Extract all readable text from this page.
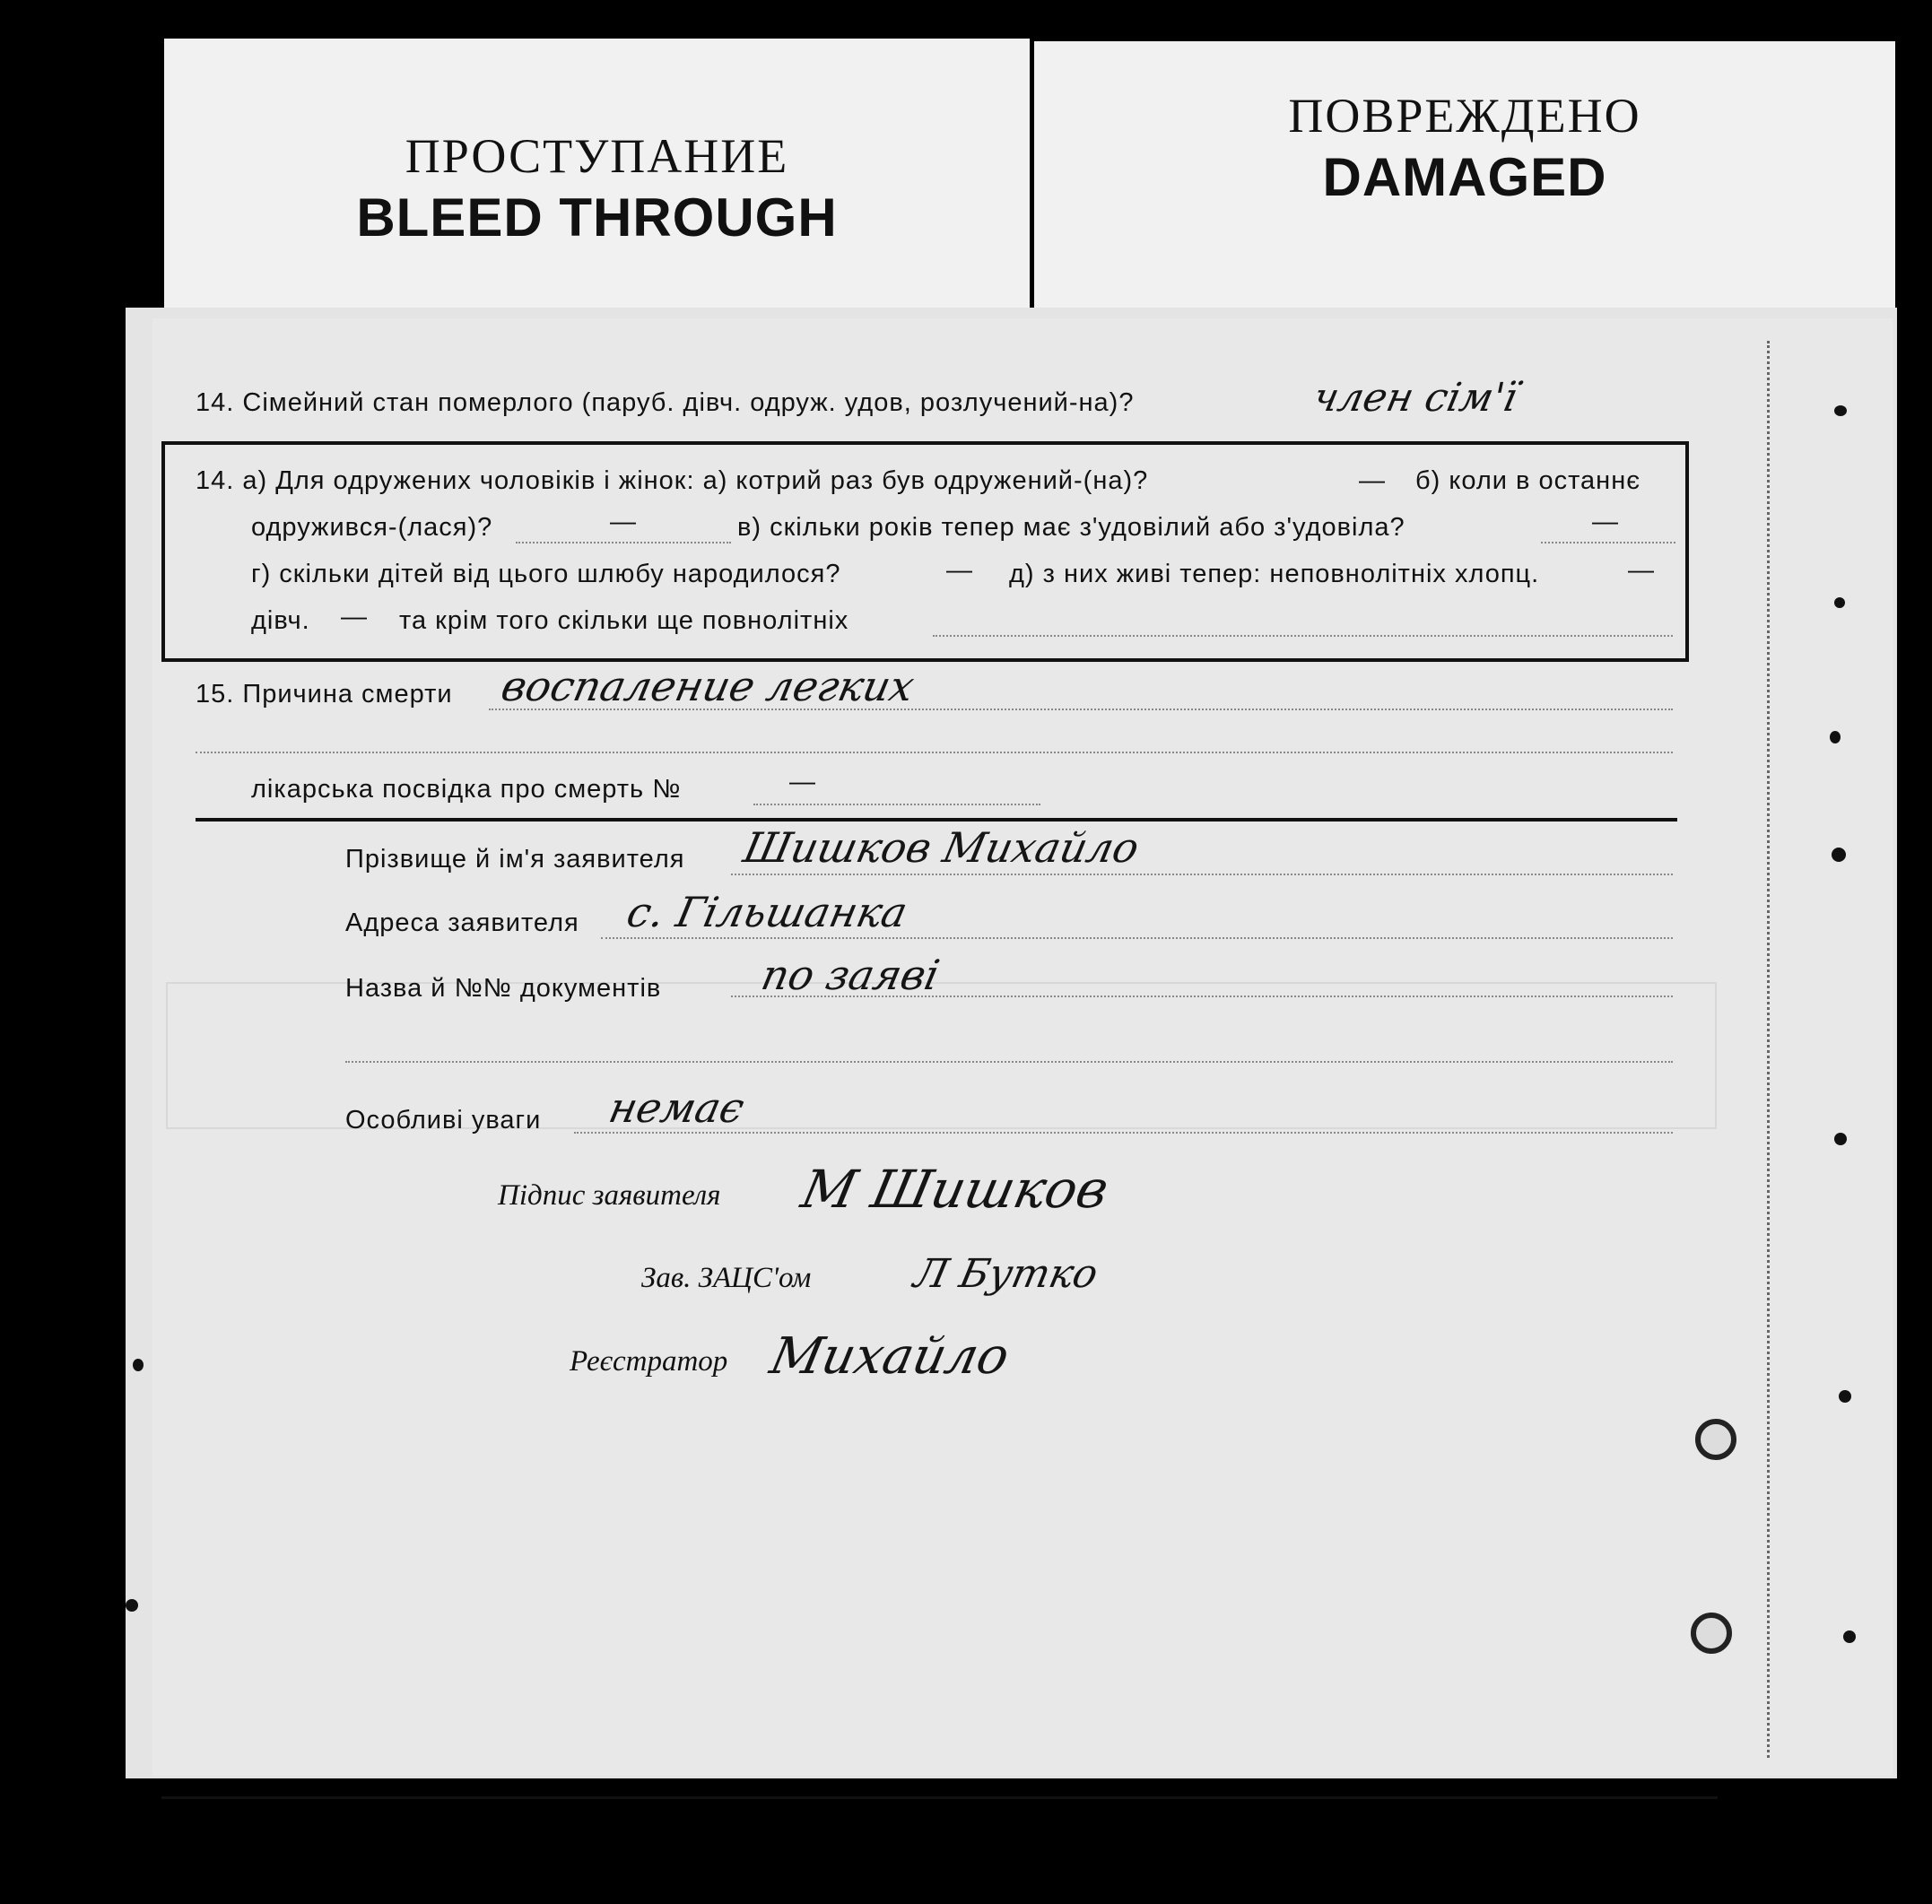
ПРОСТУПАНИЕ
BLEED THROUGH
ПОВРЕЖДЕНО
DAMAGED
14. Сімейний стан померлого (паруб. дівч. одруж. удов, розлучений-на)?	член сім'ї
14. а) Для одружених чоловіків і жінок: а) котрий раз був одружений-(на)?	— б) коли в останнє
одружився-(лася)?	—	в) скільки років тепер має з'удовілий або з'удовіла?	—
г) скільки дітей від цього шлюбу народилося?	— д) з них живі тепер: неповнолітніх хлопц.	—
дівч. — та крім того скільки ще повнолітніх
15. Причина смерти воспаление легких
лікарська посвідка про смерть №	—
Прізвище й ім'я заявителя Шишков Михайло
Адреса заявителя с. Гільшанка
Назва й №№ документів по заяві
Особливі уваги немає
Підпис заявителя М Шишков
Зав. ЗАЦС'ом	Л Бутко
Реєстратор Михайло
